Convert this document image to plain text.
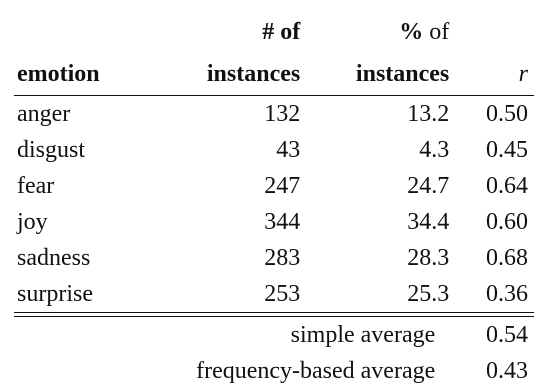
	# of	% of	
emotion	instances	instances	r
anger	132	13.2	0.50
disgust	43	4.3	0.45
fear	247	24.7	0.64
joy	344	34.4	0.60
sadness	283	28.3	0.68
surprise	253	25.3	0.36

simple average			0.54
frequency-based average			0.43
